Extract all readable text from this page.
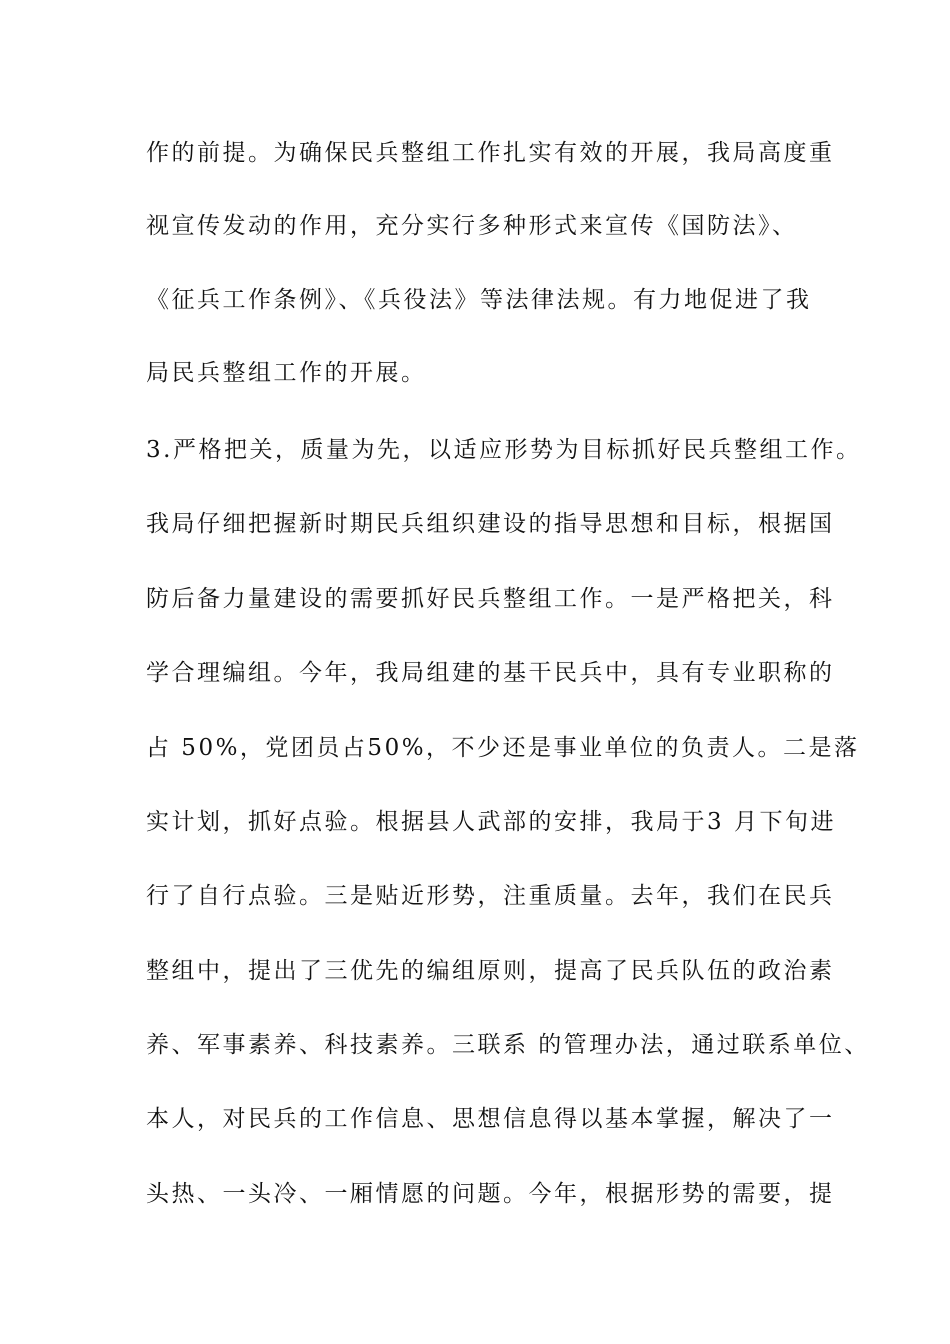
作的前提。为确保民兵整组工作扎实有效的开展，我局高度重
视宣传发动的作用，充分实行多种形式来宣传《国防法》、
《征兵工作条例》、《兵役法》等法律法规。有力地促进了我
局民兵整组工作的开展。
3.严格把关，质量为先，以适应形势为目标抓好民兵整组工作。
我局仔细把握新时期民兵组织建设的指导思想和目标，根据国
防后备力量建设的需要抓好民兵整组工作。一是严格把关，科
学合理编组。今年，我局组建的基干民兵中，具有专业职称的
占 50%，党团员占50%，不少还是事业单位的负责人。二是落
实计划，抓好点验。根据县人武部的安排，我局于3 月下旬进
行了自行点验。三是贴近形势，注重质量。去年，我们在民兵
整组中，提出了三优先的编组原则，提高了民兵队伍的政治素
养、军事素养、科技素养。三联系 的管理办法，通过联系单位、
本人，对民兵的工作信息、思想信息得以基本掌握，解决了一
头热、一头冷、一厢情愿的问题。今年，根据形势的需要，提
